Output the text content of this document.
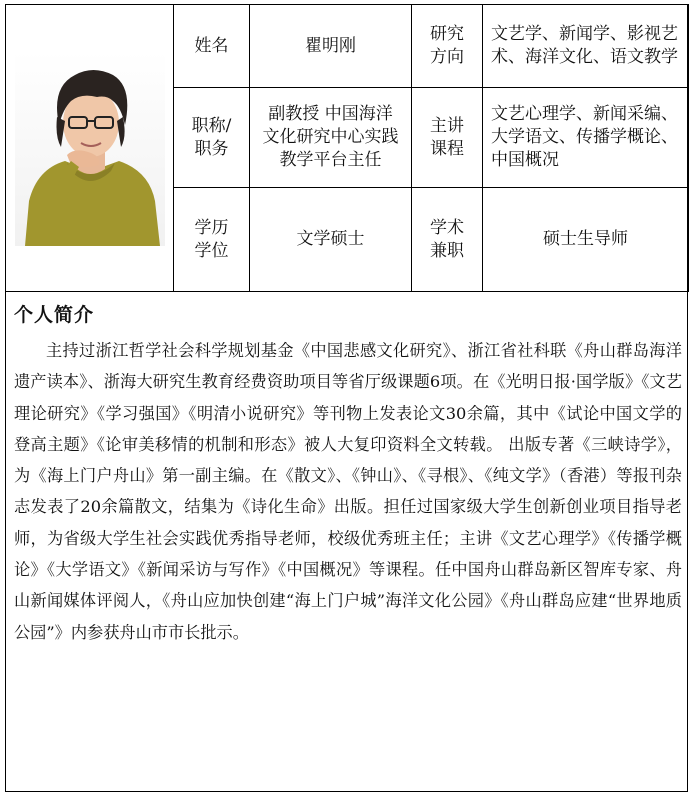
	姓名	瞿明刚	研究方向	文艺学、新闻学、影视艺术、海洋文化、语文教学

	职称/职务	副教授 中国海洋文化研究中心实践教学平台主任	主讲课程	文艺心理学、新闻采编、大学语文、传播学概论、中国概况

	学历学位	文学硕士	学术兼职	硕士生导师
个人简介

主持过浙江哲学社会科学规划基金《中国悲感文化研究》、浙江省社科联《舟山群岛海洋遗产读本》、浙海大研究生教育经费资助项目等省厅级课题6项。在《光明日报·国学版》《文艺理论研究》《学习强国》《明清小说研究》等刊物上发表论文30余篇，其中《试论中国文学的登高主题》《论审美移情的机制和形态》被人大复印资料全文转载。 出版专著《三峡诗学》，为《海上门户舟山》第一副主编。在《散文》、《钟山》、《寻根》、《纯文学》（香港）等报刊杂志发表了20余篇散文，结集为《诗化生命》出版。担任过国家级大学生创新创业项目指导老师，为省级大学生社会实践优秀指导老师，校级优秀班主任；主讲《文艺心理学》《传播学概论》《大学语文》《新闻采访与写作》《中国概况》等课程。任中国舟山群岛新区智库专家、舟山新闻媒体评阅人，《舟山应加快创建“海上门户城”海洋文化公园》《舟山群岛应建“世界地质公园”》内参获舟山市市长批示。
